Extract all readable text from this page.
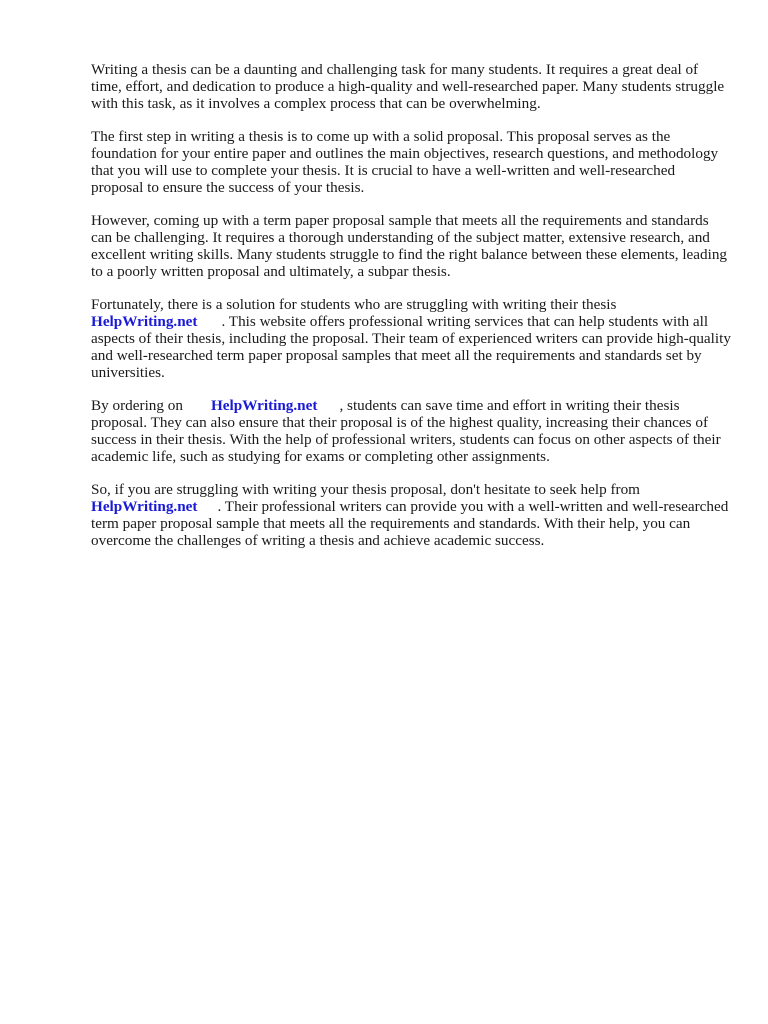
Writing a thesis can be a daunting and challenging task for many students. It requires a great deal of time, effort, and dedication to produce a high-quality and well-researched paper. Many students struggle with this task, as it involves a complex process that can be overwhelming.

The first step in writing a thesis is to come up with a solid proposal. This proposal serves as the foundation for your entire paper and outlines the main objectives, research questions, and methodology that you will use to complete your thesis. It is crucial to have a well-written and well-researched proposal to ensure the success of your thesis.

However, coming up with a term paper proposal sample that meets all the requirements and standards can be challenging. It requires a thorough understanding of the subject matter, extensive research, and excellent writing skills. Many students struggle to find the right balance between these elements, leading to a poorly written proposal and ultimately, a subpar thesis.

Fortunately, there is a solution for students who are struggling with writing their thesis
HelpWriting.net . This website offers professional writing services that can help students with all aspects of their thesis, including the proposal. Their team of experienced writers can provide high-quality and well-researched term paper proposal samples that meet all the requirements and standards set by universities.

By ordering on HelpWriting.net , students can save time and effort in writing their thesis proposal. They can also ensure that their proposal is of the highest quality, increasing their chances of success in their thesis. With the help of professional writers, students can focus on other aspects of their academic life, such as studying for exams or completing other assignments.

So, if you are struggling with writing your thesis proposal, don't hesitate to seek help from
HelpWriting.net . Their professional writers can provide you with a well-written and well-researched term paper proposal sample that meets all the requirements and standards. With their help, you can overcome the challenges of writing a thesis and achieve academic success.
